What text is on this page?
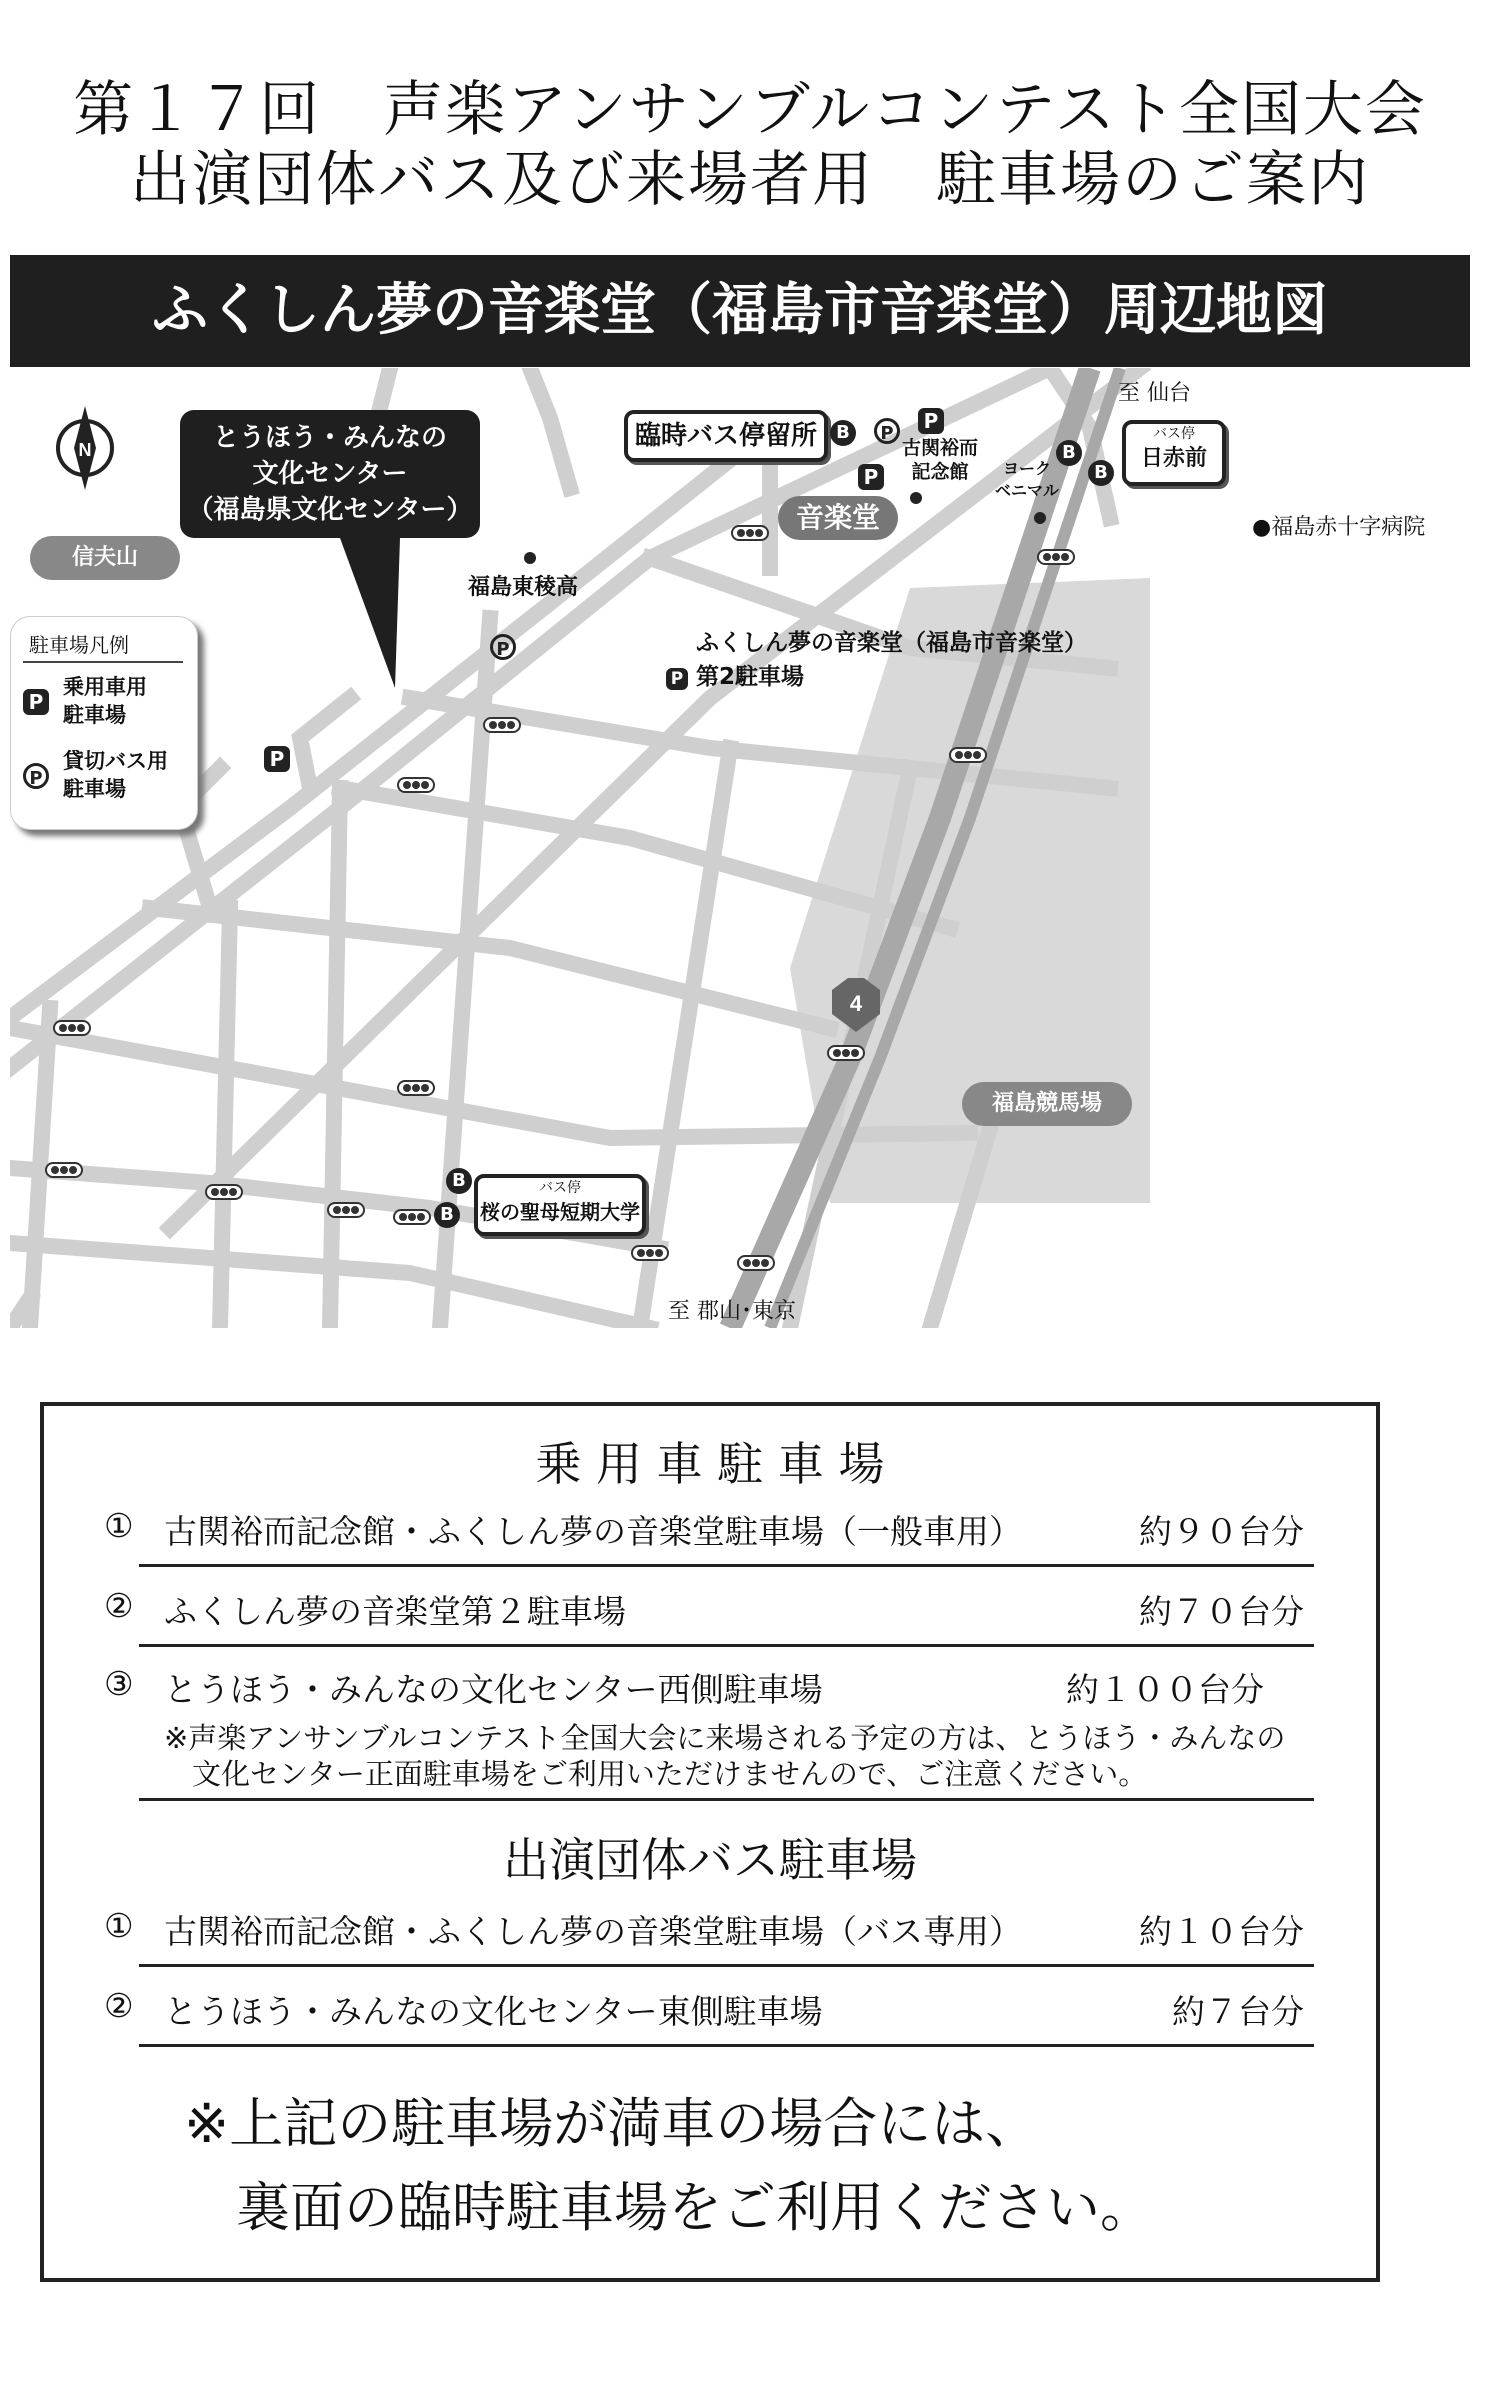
第１７回　声楽アンサンブルコンテスト全国大会
出演団体バス及び来場者用　駐車場のご案内
ふくしん夢の音楽堂（福島市音楽堂）周辺地図
4
N	とうほう・みんなの
文化センター
（福島県文化センター）
臨時バス停留所	B	P
P
P
音楽堂
古関裕而
記念館	ヨーク
ベニマル
至 仙台
B
B
バス停
日赤前
●福島赤十字病院
信夫山
福島東稜高
P	ふくしん夢の音楽堂（福島市音楽堂）
P 第2駐車場
駐車場凡例
P
乗用車用
駐車場
P
貸切バス用
駐車場
P
福島競馬場
B
B
バス停
桜の聖母短期大学
至 郡山･東京
乗 用 車 駐 車 場
① 古関裕而記念館・ふくしん夢の音楽堂駐車場（一般車用）	約９０台分
② ふくしん夢の音楽堂第２駐車場	約７０台分
③ とうほう・みんなの文化センター西側駐車場	約１００台分
※声楽アンサンブルコンテスト全国大会に来場される予定の方は、とうほう・みんなの
文化センター正面駐車場をご利用いただけませんので、ご注意ください。
出演団体バス駐車場
① 古関裕而記念館・ふくしん夢の音楽堂駐車場（バス専用）	約１０台分
② とうほう・みんなの文化センター東側駐車場	約７台分
※上記の駐車場が満車の場合には、
裏面の臨時駐車場をご利用ください。
